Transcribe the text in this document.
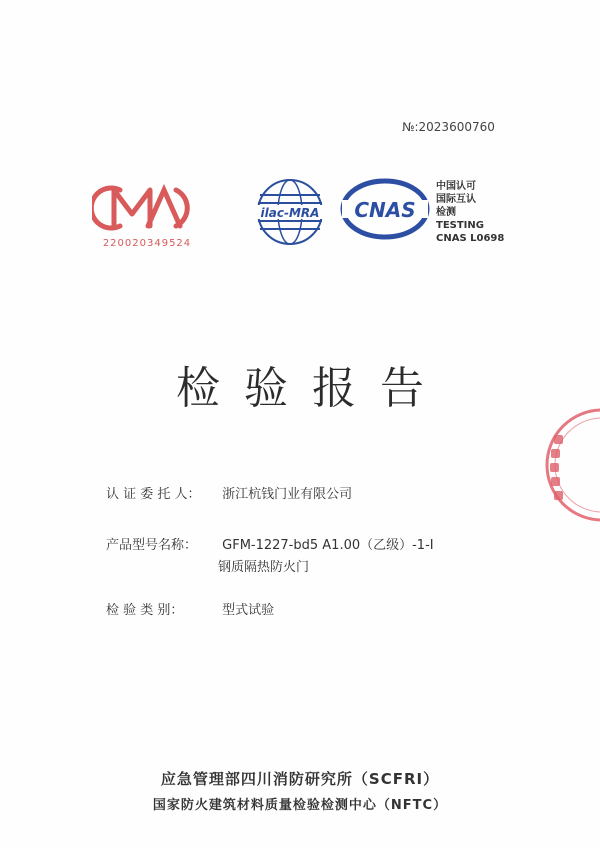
№:2023600760
220020349524
ilac-MRA CNAS
中国认可
国际互认
检测
TESTING
CNAS L0698
检验报告
认 证 委 托 人： 浙江杭钱门业有限公司
产品型号名称： GFM-1227-bd5 A1.00（乙级）-1-Ⅰ
钢质隔热防火门
检 验 类 别：	型式试验
应急管理部四川消防研究所（SCFRI）
国家防火建筑材料质量检验检测中心（NFTC）
